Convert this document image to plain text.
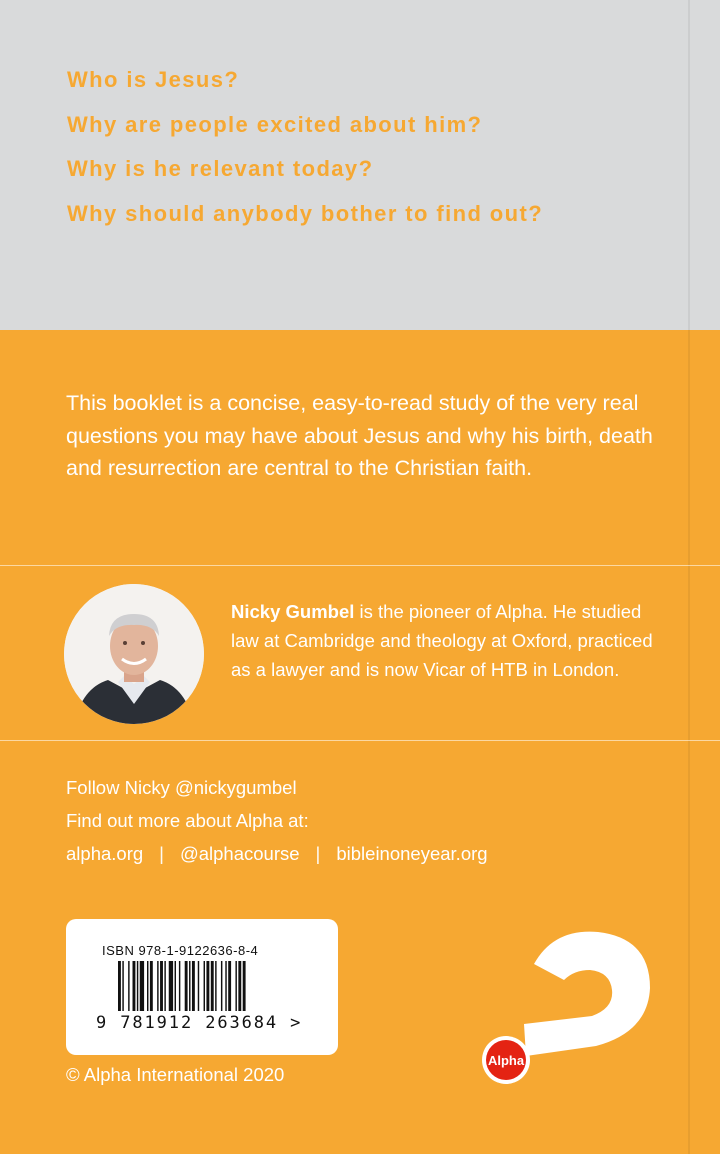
Who is Jesus?
Why are people excited about him?
Why is he relevant today?
Why should anybody bother to find out?

This booklet is a concise, easy-to-read study of the very real questions you may have about Jesus and why his birth, death and resurrection are central to the Christian faith.

Nicky Gumbel is the pioneer of Alpha. He studied law at Cambridge and theology at Oxford, practiced as a lawyer and is now Vicar of HTB in London.

Follow Nicky @nickygumbel
Find out more about Alpha at:
alpha.org | @alphacourse | bibleinoneyear.org
ISBN 978-1-9122636-8-4
9 781912 263684 >
© Alpha International 2020
Alpha
